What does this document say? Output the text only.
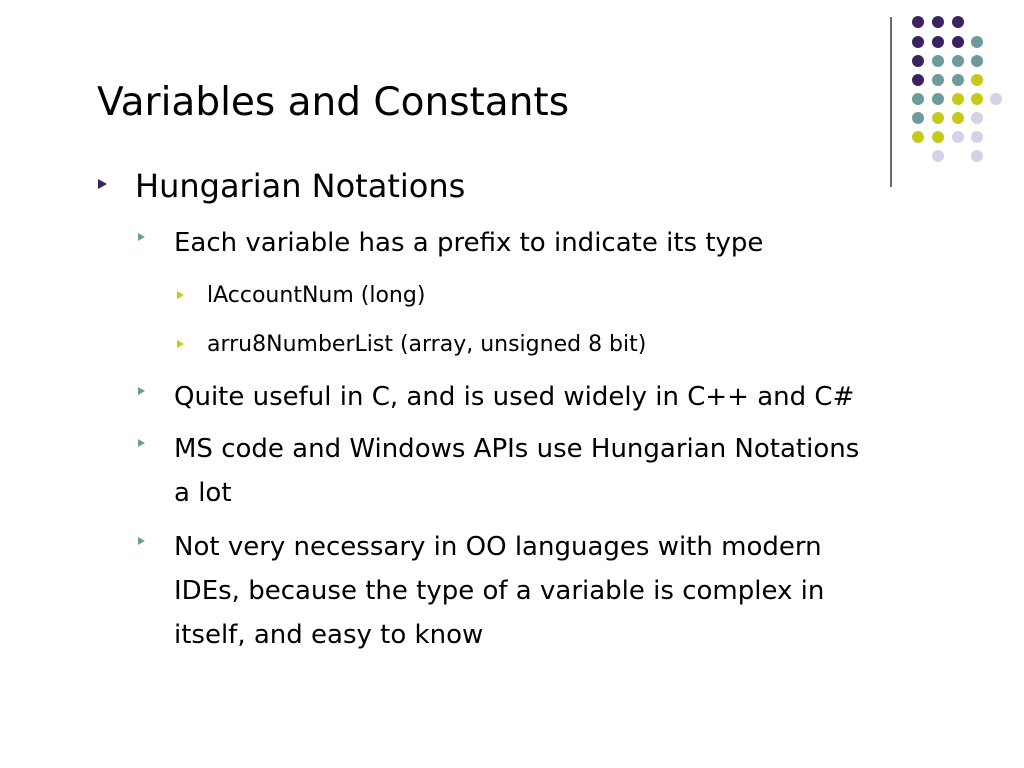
Variables and Constants
Hungarian Notations
Each variable has a prefix to indicate its type
lAccountNum (long)
arru8NumberList (array, unsigned 8 bit)
Quite useful in C, and is used widely in C++ and C#
MS code and Windows APIs use Hungarian Notations
a lot
Not very necessary in OO languages with modern
IDEs, because the type of a variable is complex in
itself, and easy to know
